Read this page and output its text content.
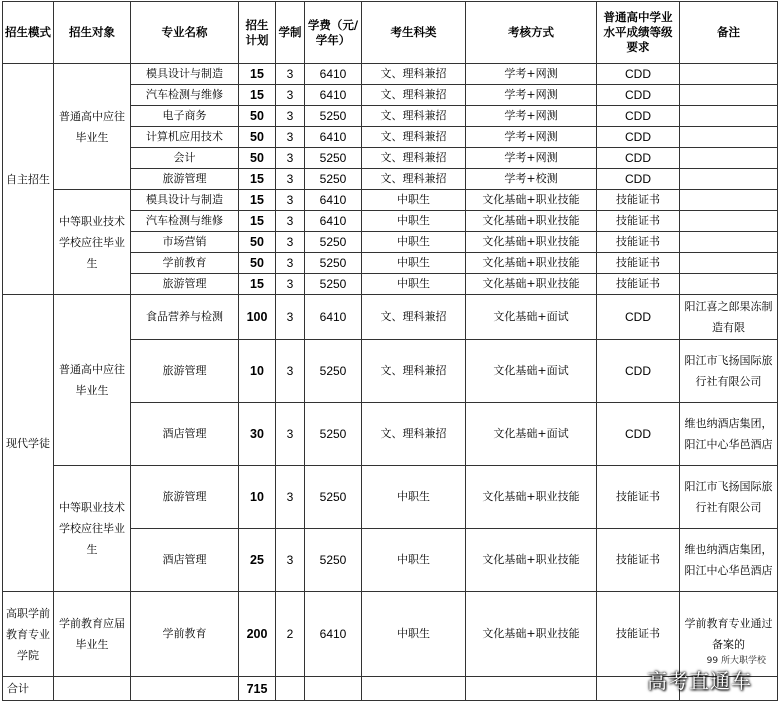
招生模式	招生对象	专业名称	招生计划	学制	学费（元/学年）	考生科类	考核方式	普通高中学业水平成绩等级要求	备注
自主招生	普通高中应往毕业生	模具设计与制造	15	3	6410	文、理科兼招	学考+网测	CDD	
		汽车检测与维修	15	3	6410	文、理科兼招	学考+网测	CDD	
		电子商务	50	3	5250	文、理科兼招	学考+网测	CDD	
		计算机应用技术	50	3	6410	文、理科兼招	学考+网测	CDD	
		会计	50	3	5250	文、理科兼招	学考+网测	CDD	
		旅游管理	15	3	5250	文、理科兼招	学考+校测	CDD	
	中等职业技术学校应往毕业生	模具设计与制造	15	3	6410	中职生	文化基础+职业技能	技能证书	
		汽车检测与维修	15	3	6410	中职生	文化基础+职业技能	技能证书	
		市场营销	50	3	5250	中职生	文化基础+职业技能	技能证书	
		学前教育	50	3	5250	中职生	文化基础+职业技能	技能证书	
		旅游管理	15	3	5250	中职生	文化基础+职业技能	技能证书	
现代学徒	普通高中应往毕业生	食品营养与检测	100	3	6410	文、理科兼招	文化基础+面试	CDD	阳江喜之郎果冻制造有限
		旅游管理	10	3	5250	文、理科兼招	文化基础+面试	CDD	阳江市飞扬国际旅行社有限公司
		酒店管理	30	3	5250	文、理科兼招	文化基础+面试	CDD	维也纳酒店集团，阳江中心华邑酒店
	中等职业技术学校应往毕业生	旅游管理	10	3	5250	中职生	文化基础+职业技能	技能证书	阳江市飞扬国际旅行社有限公司
		酒店管理	25	3	5250	中职生	文化基础+职业技能	技能证书	维也纳酒店集团，阳江中心华邑酒店
高职学前教育专业学院	学前教育应届毕业生	学前教育	200	2	6410	中职生	文化基础+职业技能	技能证书	学前教育专业通过备案的
合计			715						
99 所大职学校
高考直通车
